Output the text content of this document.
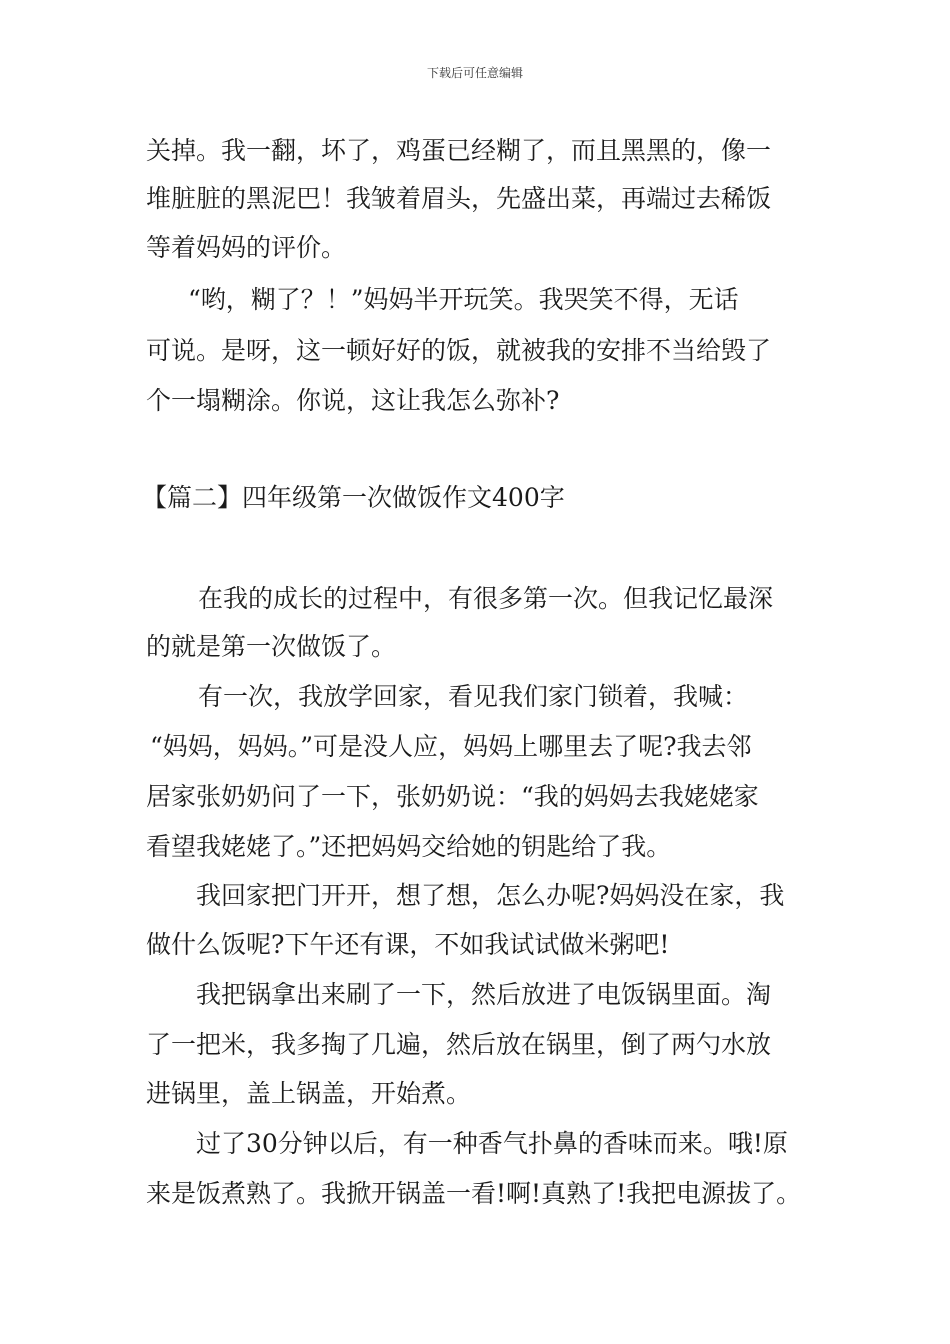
下载后可任意编辑
关掉。我一翻，坏了，鸡蛋已经糊了，而且黑黑的，像一
堆脏脏的黑泥巴！我皱着眉头，先盛出菜，再端过去稀饭
等着妈妈的评价。
“哟，糊了？！”妈妈半开玩笑。我哭笑不得，无话
可说。是呀，这一顿好好的饭，就被我的安排不当给毁了
个一塌糊涂。你说，这让我怎么弥补?
【篇二】四年级第一次做饭作文400字
在我的成长的过程中，有很多第一次。但我记忆最深
的就是第一次做饭了。
有一次，我放学回家，看见我们家门锁着，我喊：
“妈妈，妈妈。”可是没人应，妈妈上哪里去了呢?我去邻
居家张奶奶问了一下，张奶奶说：“我的妈妈去我姥姥家
看望我姥姥了。”还把妈妈交给她的钥匙给了我。
我回家把门开开，想了想，怎么办呢?妈妈没在家，我
做什么饭呢?下午还有课，不如我试试做米粥吧!
我把锅拿出来刷了一下，然后放进了电饭锅里面。淘
了一把米，我多掏了几遍，然后放在锅里，倒了两勺水放
进锅里，盖上锅盖，开始煮。
过了30分钟以后，有一种香气扑鼻的香味而来。哦!原
来是饭煮熟了。我掀开锅盖一看!啊!真熟了!我把电源拔了。
